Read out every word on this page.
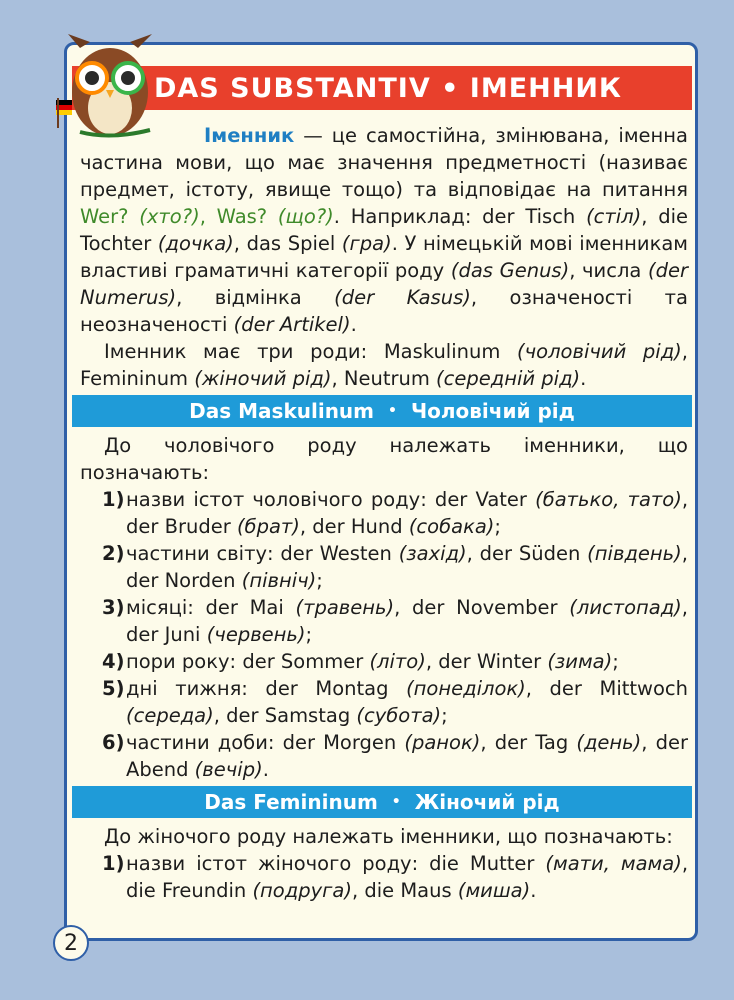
DAS SUBSTANTIV • IМЕННИК

Іменник — це самостійна, змінювана, іменна частина мови, що має значення предметності (називає предмет, істоту, явище тощо) та відповідає на питання Wer? (хто?), Was? (що?). Наприклад: der Tisch (стіл), die Tochter (дочка), das Spiel (гра). У німецькій мові іменникам властиві граматичні категорії роду (das Genus), числа (der Numerus), відмінка (der Kasus), означеності та неозначеності (der Artikel).

Іменник має три роди: Maskulinum (чоловічий рід), Femininum (жіночий рід), Neutrum (середній рід).

Das Maskulinum • Чоловічий рід

До чоловічого роду належать іменники, що позначають:

1) назви істот чоловічого роду: der Vater (батько, тато), der Bruder (брат), der Hund (собака);
2) частини світу: der Westen (захід), der Süden (південь), der Norden (північ);
3) місяці: der Mai (травень), der November (листопад), der Juni (червень);
4) пори року: der Sommer (літо), der Winter (зима);
5) дні тижня: der Montag (понеділок), der Mittwoch (середа), der Samstag (субота);
6) частини доби: der Morgen (ранок), der Tag (день), der Abend (вечір).
Das Femininum • Жіночий рід

До жіночого роду належать іменники, що позначають:

1) назви істот жіночого роду: die Mutter (мати, мама), die Freundin (подруга), die Maus (миша).
2
